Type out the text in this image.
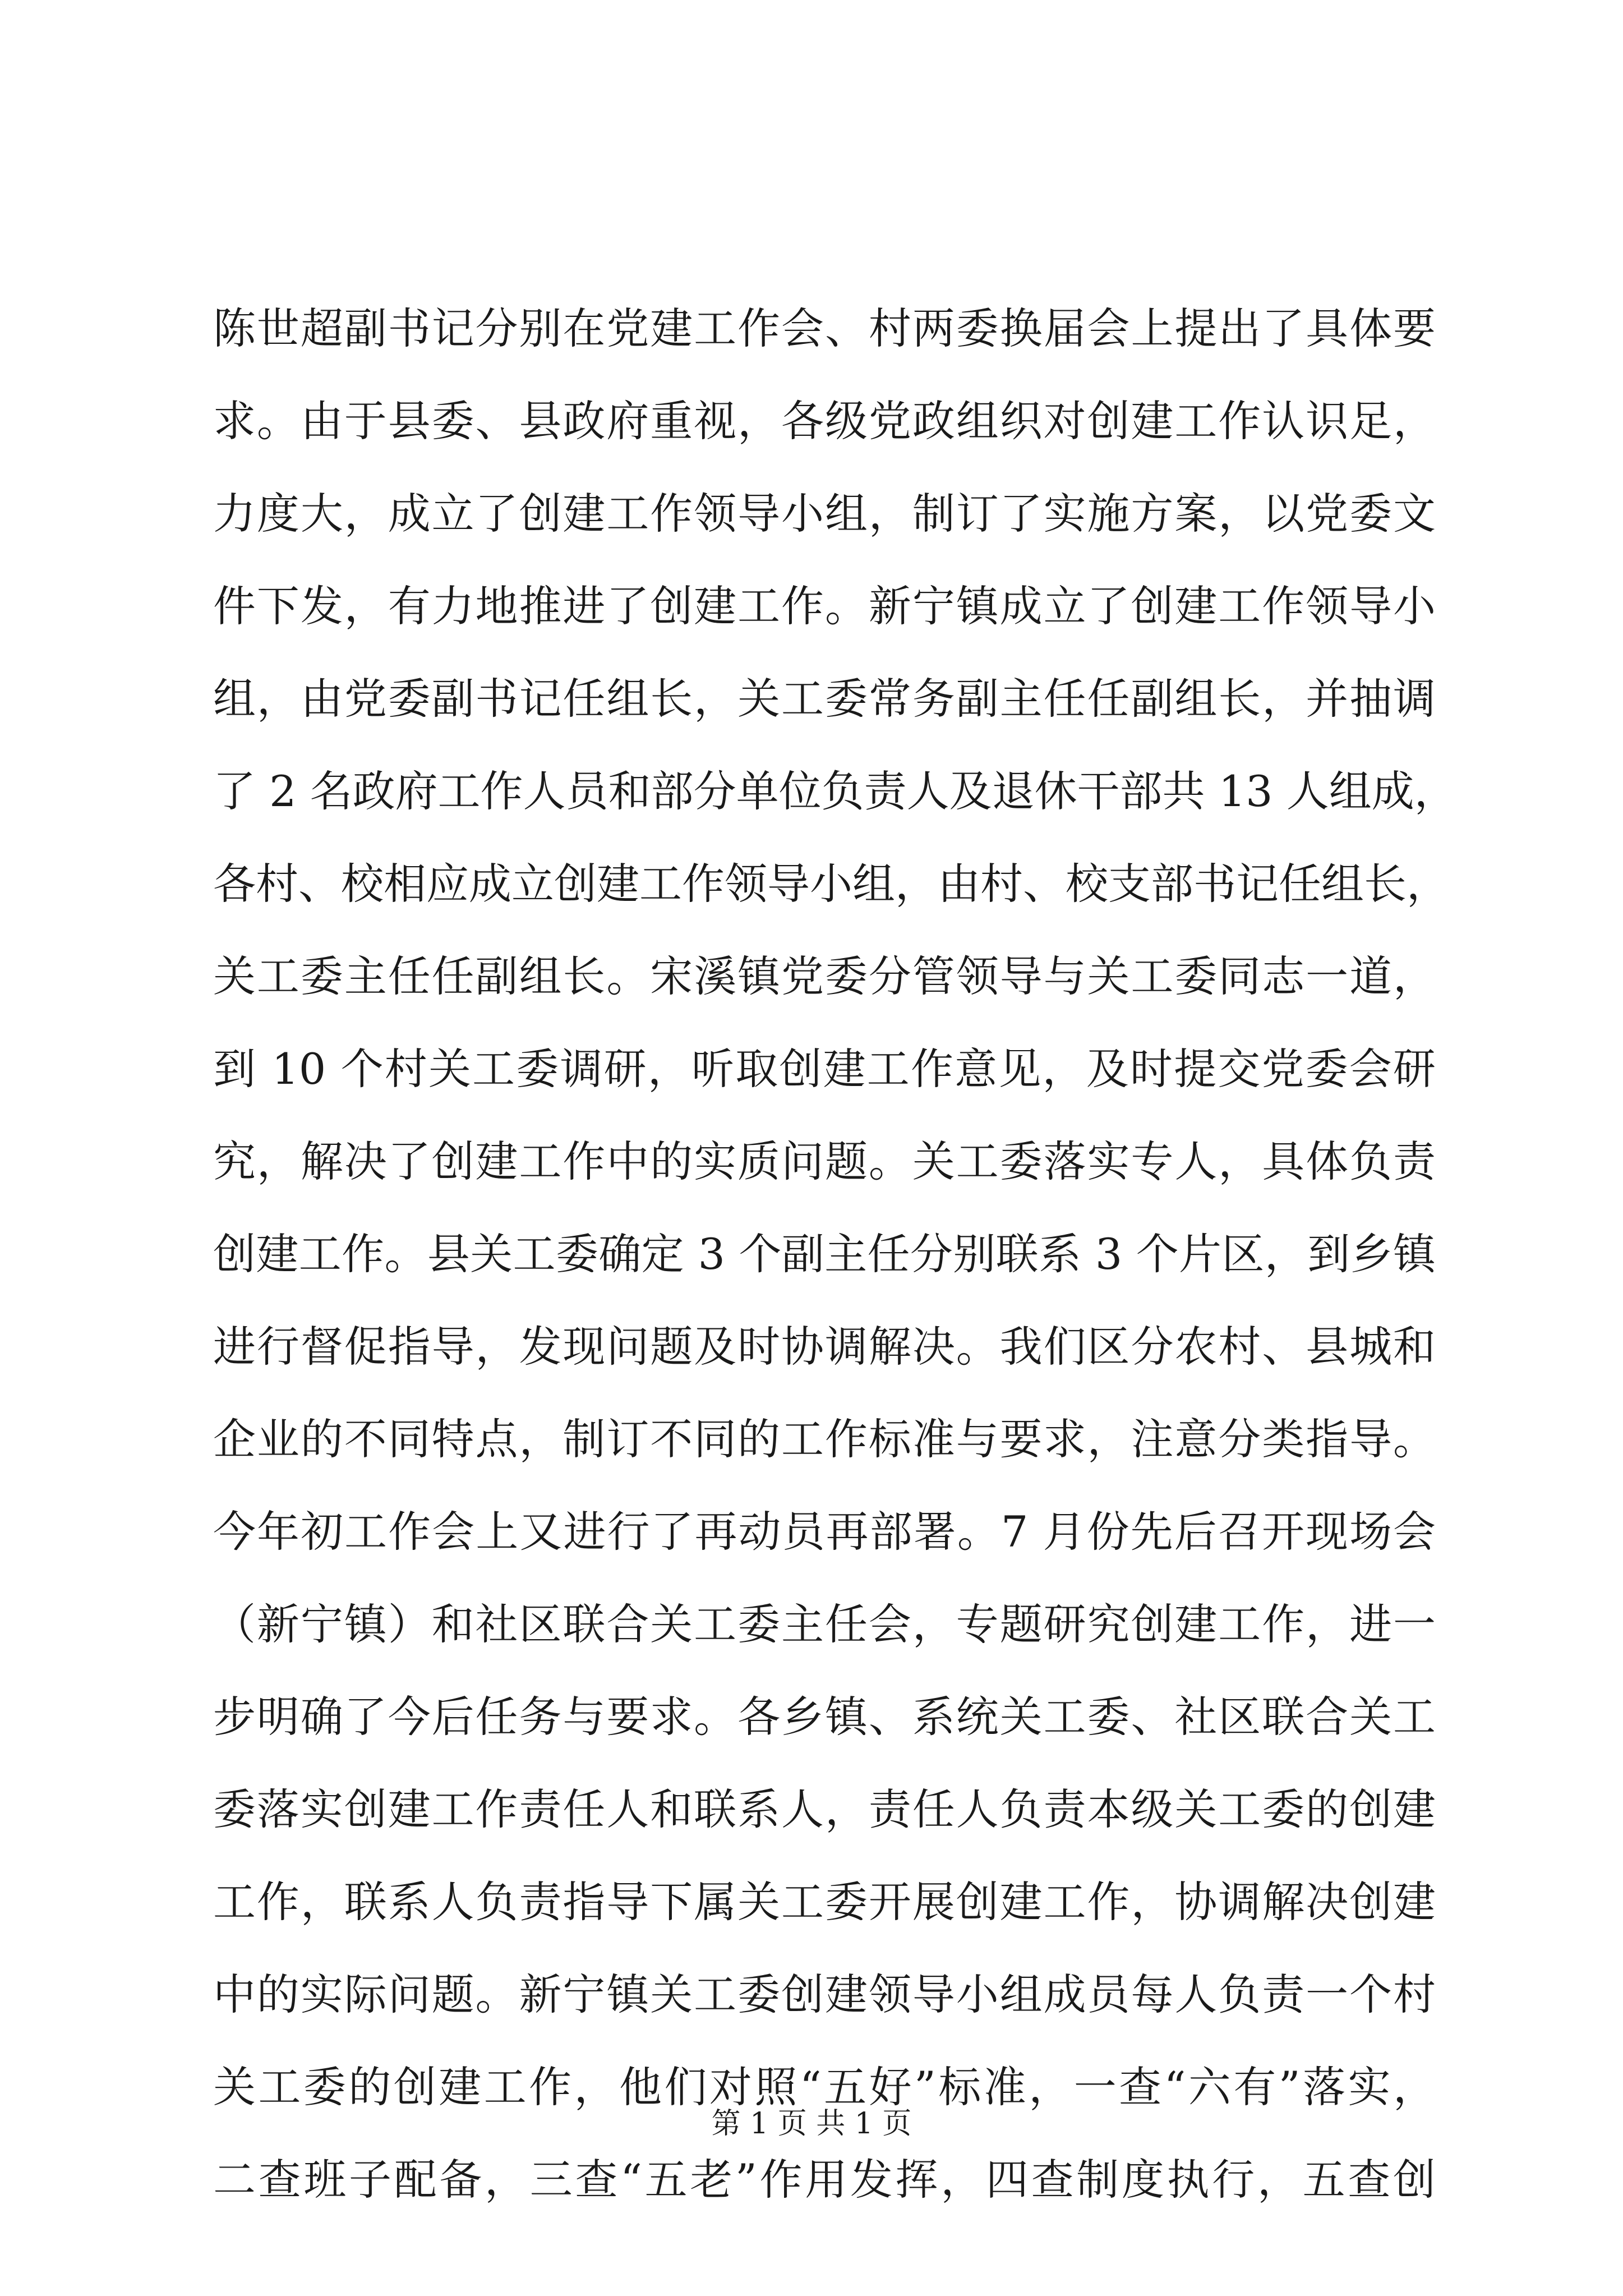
陈世超副书记分别在党建工作会、村两委换届会上提出了具体要
求。由于县委、县政府重视，各级党政组织对创建工作认识足，
力度大，成立了创建工作领导小组，制订了实施方案，以党委文
件下发，有力地推进了创建工作。新宁镇成立了创建工作领导小
组，由党委副书记任组长，关工委常务副主任任副组长，并抽调
了 2 名政府工作人员和部分单位负责人及退休干部共 13 人组成，
各村、校相应成立创建工作领导小组，由村、校支部书记任组长，
关工委主任任副组长。宋溪镇党委分管领导与关工委同志一道，
到 10 个村关工委调研，听取创建工作意见，及时提交党委会研
究，解决了创建工作中的实质问题。关工委落实专人，具体负责
创建工作。县关工委确定 3 个副主任分别联系 3 个片区，到乡镇
进行督促指导，发现问题及时协调解决。我们区分农村、县城和
企业的不同特点，制订不同的工作标准与要求，注意分类指导。
今年初工作会上又进行了再动员再部署。7 月份先后召开现场会
（新宁镇）和社区联合关工委主任会，专题研究创建工作，进一
步明确了今后任务与要求。各乡镇、系统关工委、社区联合关工
委落实创建工作责任人和联系人，责任人负责本级关工委的创建
工作，联系人负责指导下属关工委开展创建工作，协调解决创建
中的实际问题。新宁镇关工委创建领导小组成员每人负责一个村
关工委的创建工作，他们对照“五好”标准，一查“六有”落实，
二查班子配备，三查“五老”作用发挥，四查制度执行，五查创
第 1 页 共 1 页
